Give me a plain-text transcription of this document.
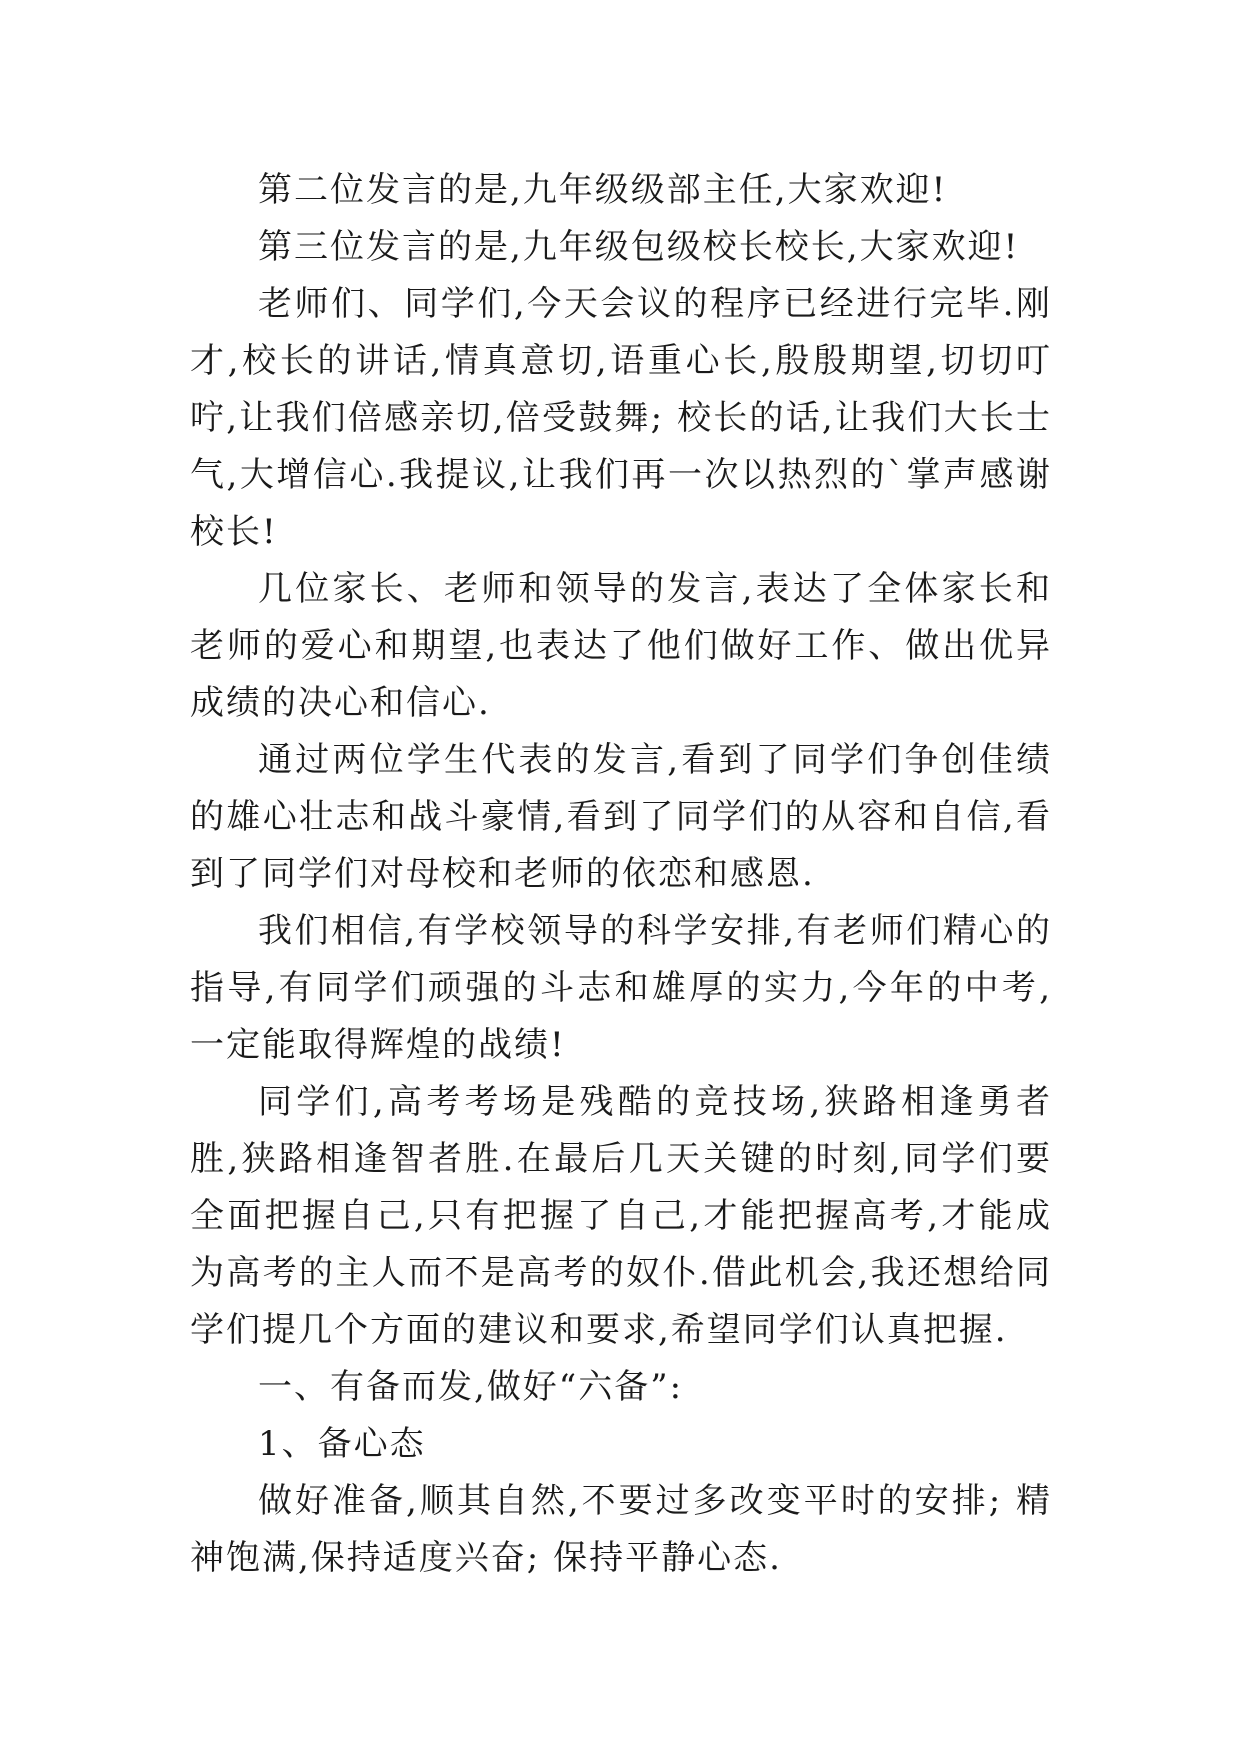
第二位发言的是,九年级级部主任,大家欢迎!

第三位发言的是,九年级包级校长校长,大家欢迎!

老师们、同学们,今天会议的程序已经进行完毕.刚才,校长的讲话,情真意切,语重心长,殷殷期望,切切叮咛,让我们倍感亲切,倍受鼓舞; 校长的话,让我们大长士气,大增信心.我提议,让我们再一次以热烈的`掌声感谢校长!

几位家长、老师和领导的发言,表达了全体家长和老师的爱心和期望,也表达了他们做好工作、做出优异成绩的决心和信心.

通过两位学生代表的发言,看到了同学们争创佳绩的雄心壮志和战斗豪情,看到了同学们的从容和自信,看到了同学们对母校和老师的依恋和感恩.

我们相信,有学校领导的科学安排,有老师们精心的指导,有同学们顽强的斗志和雄厚的实力,今年的中考,一定能取得辉煌的战绩!

同学们,高考考场是残酷的竞技场,狭路相逢勇者胜,狭路相逢智者胜.在最后几天关键的时刻,同学们要全面把握自己,只有把握了自己,才能把握高考,才能成为高考的主人而不是高考的奴仆.借此机会,我还想给同学们提几个方面的建议和要求,希望同学们认真把握.

一、有备而发,做好“六备”:

1、备心态

做好准备,顺其自然,不要过多改变平时的安排; 精神饱满,保持适度兴奋; 保持平静心态.
